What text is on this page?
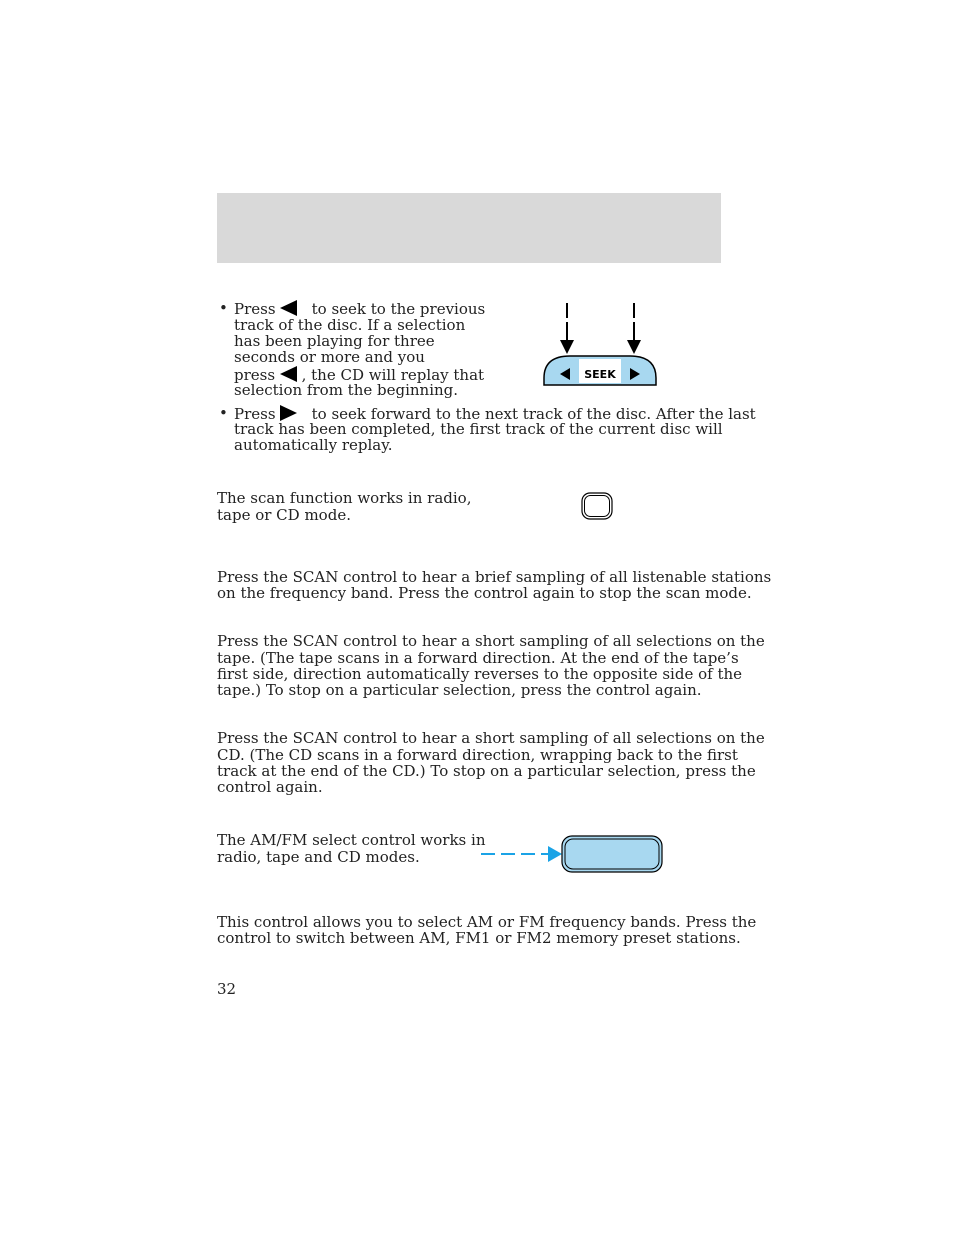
• Press to seek to the previous
track of the disc. If a selection
has been playing for three
seconds or more and you
press , the CD will replay that
selection from the beginning.
• Press to seek forward to the next track of the disc. After the last
track has been completed, the first track of the current disc will
automatically replay.
SEEK
The scan function works in radio,
tape or CD mode.
Press the SCAN control to hear a brief sampling of all listenable stations
on the frequency band. Press the control again to stop the scan mode.
Press the SCAN control to hear a short sampling of all selections on the
tape. (The tape scans in a forward direction. At the end of the tape’s
first side, direction automatically reverses to the opposite side of the
tape.) To stop on a particular selection, press the control again.
Press the SCAN control to hear a short sampling of all selections on the
CD. (The CD scans in a forward direction, wrapping back to the first
track at the end of the CD.) To stop on a particular selection, press the
control again.
The AM/FM select control works in
radio, tape and CD modes.
This control allows you to select AM or FM frequency bands. Press the
control to switch between AM, FM1 or FM2 memory preset stations.
32
